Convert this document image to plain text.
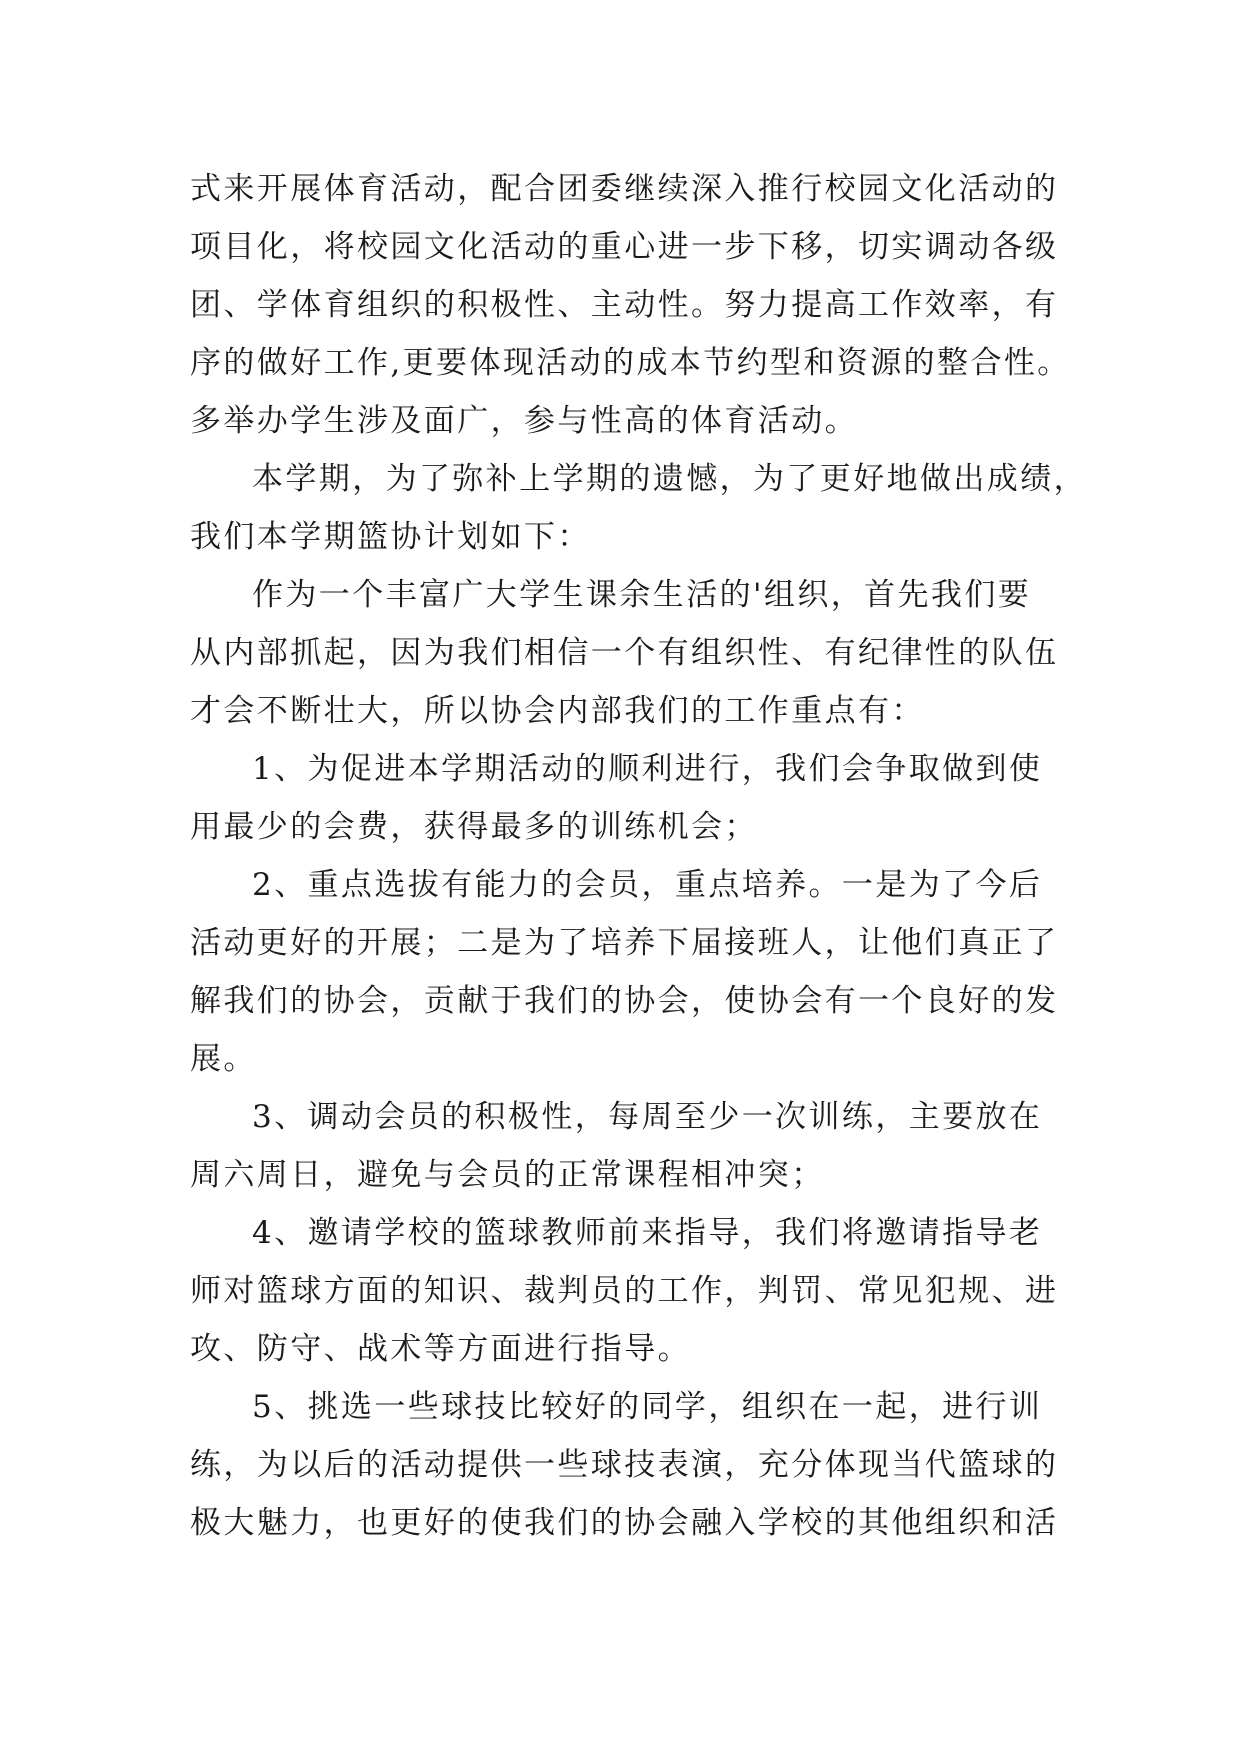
式来开展体育活动，配合团委继续深入推行校园文化活动的
项目化，将校园文化活动的重心进一步下移，切实调动各级
团、学体育组织的积极性、主动性。努力提高工作效率，有
序的做好工作,更要体现活动的成本节约型和资源的整合性。
多举办学生涉及面广，参与性高的体育活动。
本学期，为了弥补上学期的遗憾，为了更好地做出成绩，
我们本学期篮协计划如下：
作为一个丰富广大学生课余生活的'组织，首先我们要
从内部抓起，因为我们相信一个有组织性、有纪律性的队伍
才会不断壮大，所以协会内部我们的工作重点有：
1、为促进本学期活动的顺利进行，我们会争取做到使
用最少的会费，获得最多的训练机会；
2、重点选拔有能力的会员，重点培养。一是为了今后
活动更好的开展；二是为了培养下届接班人，让他们真正了
解我们的协会，贡献于我们的协会，使协会有一个良好的发
展。
3、调动会员的积极性，每周至少一次训练，主要放在
周六周日，避免与会员的正常课程相冲突；
4、邀请学校的篮球教师前来指导，我们将邀请指导老
师对篮球方面的知识、裁判员的工作，判罚、常见犯规、进
攻、防守、战术等方面进行指导。
5、挑选一些球技比较好的同学，组织在一起，进行训
练，为以后的活动提供一些球技表演，充分体现当代篮球的
极大魅力，也更好的使我们的协会融入学校的其他组织和活
